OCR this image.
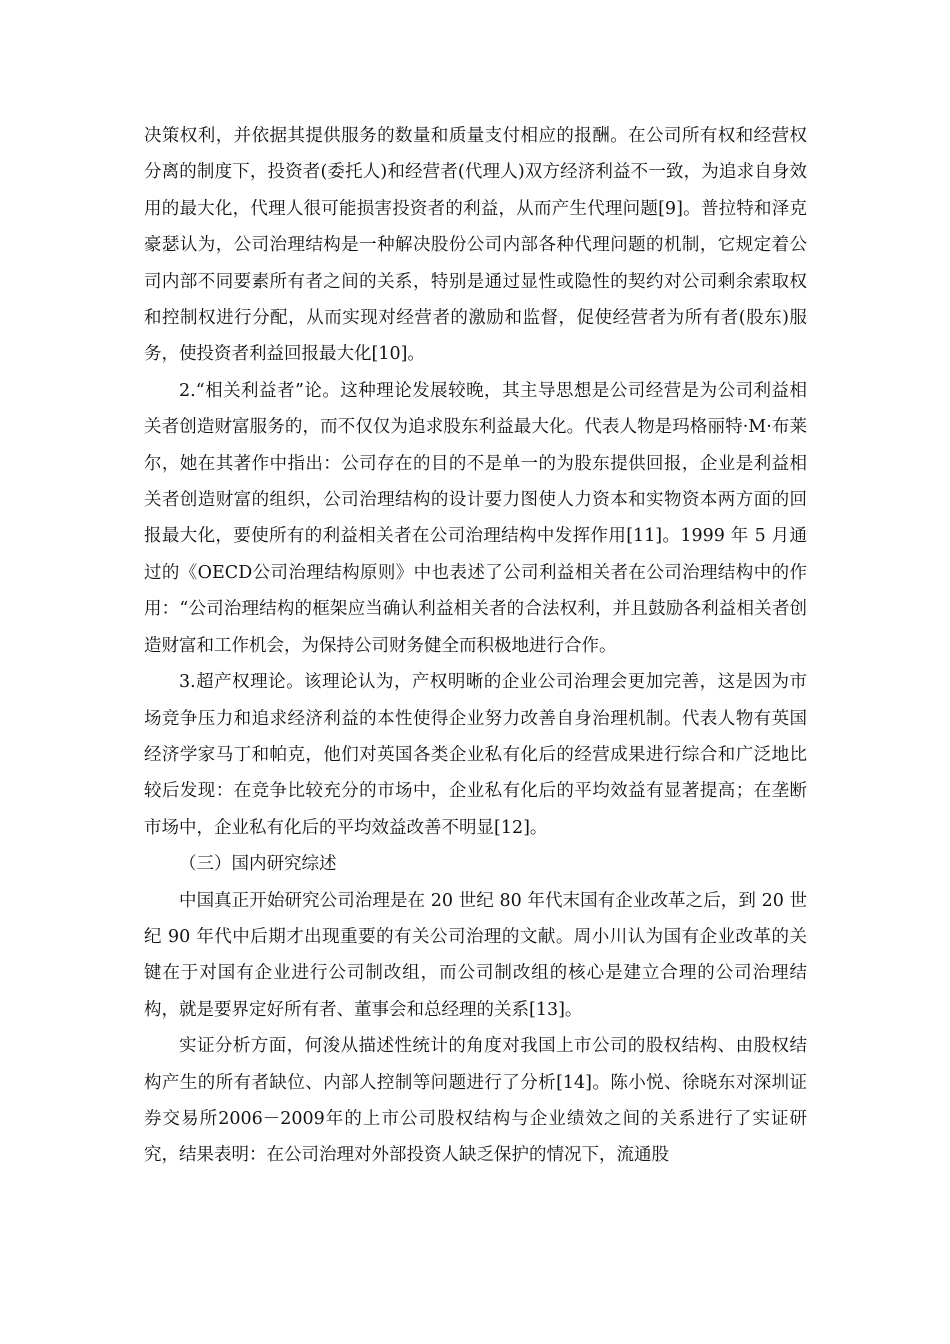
决策权利，并依据其提供服务的数量和质量支付相应的报酬。在公司所有权和经营权分离的制度下，投资者(委托人)和经营者(代理人)双方经济利益不一致，为追求自身效用的最大化，代理人很可能损害投资者的利益，从而产生代理问题[9]。普拉特和泽克豪瑟认为，公司治理结构是一种解决股份公司内部各种代理问题的机制，它规定着公司内部不同要素所有者之间的关系，特别是通过显性或隐性的契约对公司剩余索取权和控制权进行分配，从而实现对经营者的激励和监督，促使经营者为所有者(股东)服务，使投资者利益回报最大化[10]。

2.“相关利益者”论。这种理论发展较晚，其主导思想是公司经营是为公司利益相关者创造财富服务的，而不仅仅为追求股东利益最大化。代表人物是玛格丽特·M·布莱尔，她在其著作中指出：公司存在的目的不是单一的为股东提供回报，企业是利益相关者创造财富的组织，公司治理结构的设计要力图使人力资本和实物资本两方面的回报最大化，要使所有的利益相关者在公司治理结构中发挥作用[11]。1999 年 5 月通过的《OECD公司治理结构原则》中也表述了公司利益相关者在公司治理结构中的作用：“公司治理结构的框架应当确认利益相关者的合法权利，并且鼓励各利益相关者创造财富和工作机会，为保持公司财务健全而积极地进行合作。

3.超产权理论。该理论认为，产权明晰的企业公司治理会更加完善，这是因为市场竞争压力和追求经济利益的本性使得企业努力改善自身治理机制。代表人物有英国经济学家马丁和帕克，他们对英国各类企业私有化后的经营成果进行综合和广泛地比较后发现：在竞争比较充分的市场中，企业私有化后的平均效益有显著提高；在垄断市场中，企业私有化后的平均效益改善不明显[12]。

（三）国内研究综述

中国真正开始研究公司治理是在 20 世纪 80 年代末国有企业改革之后，到 20 世纪 90 年代中后期才出现重要的有关公司治理的文献。周小川认为国有企业改革的关键在于对国有企业进行公司制改组，而公司制改组的核心是建立合理的公司治理结构，就是要界定好所有者、董事会和总经理的关系[13]。

实证分析方面，何浚从描述性统计的角度对我国上市公司的股权结构、由股权结构产生的所有者缺位、内部人控制等问题进行了分析[14]。陈小悦、徐晓东对深圳证券交易所2006－2009年的上市公司股权结构与企业绩效之间的关系进行了实证研究，结果表明：在公司治理对外部投资人缺乏保护的情况下，流通股
